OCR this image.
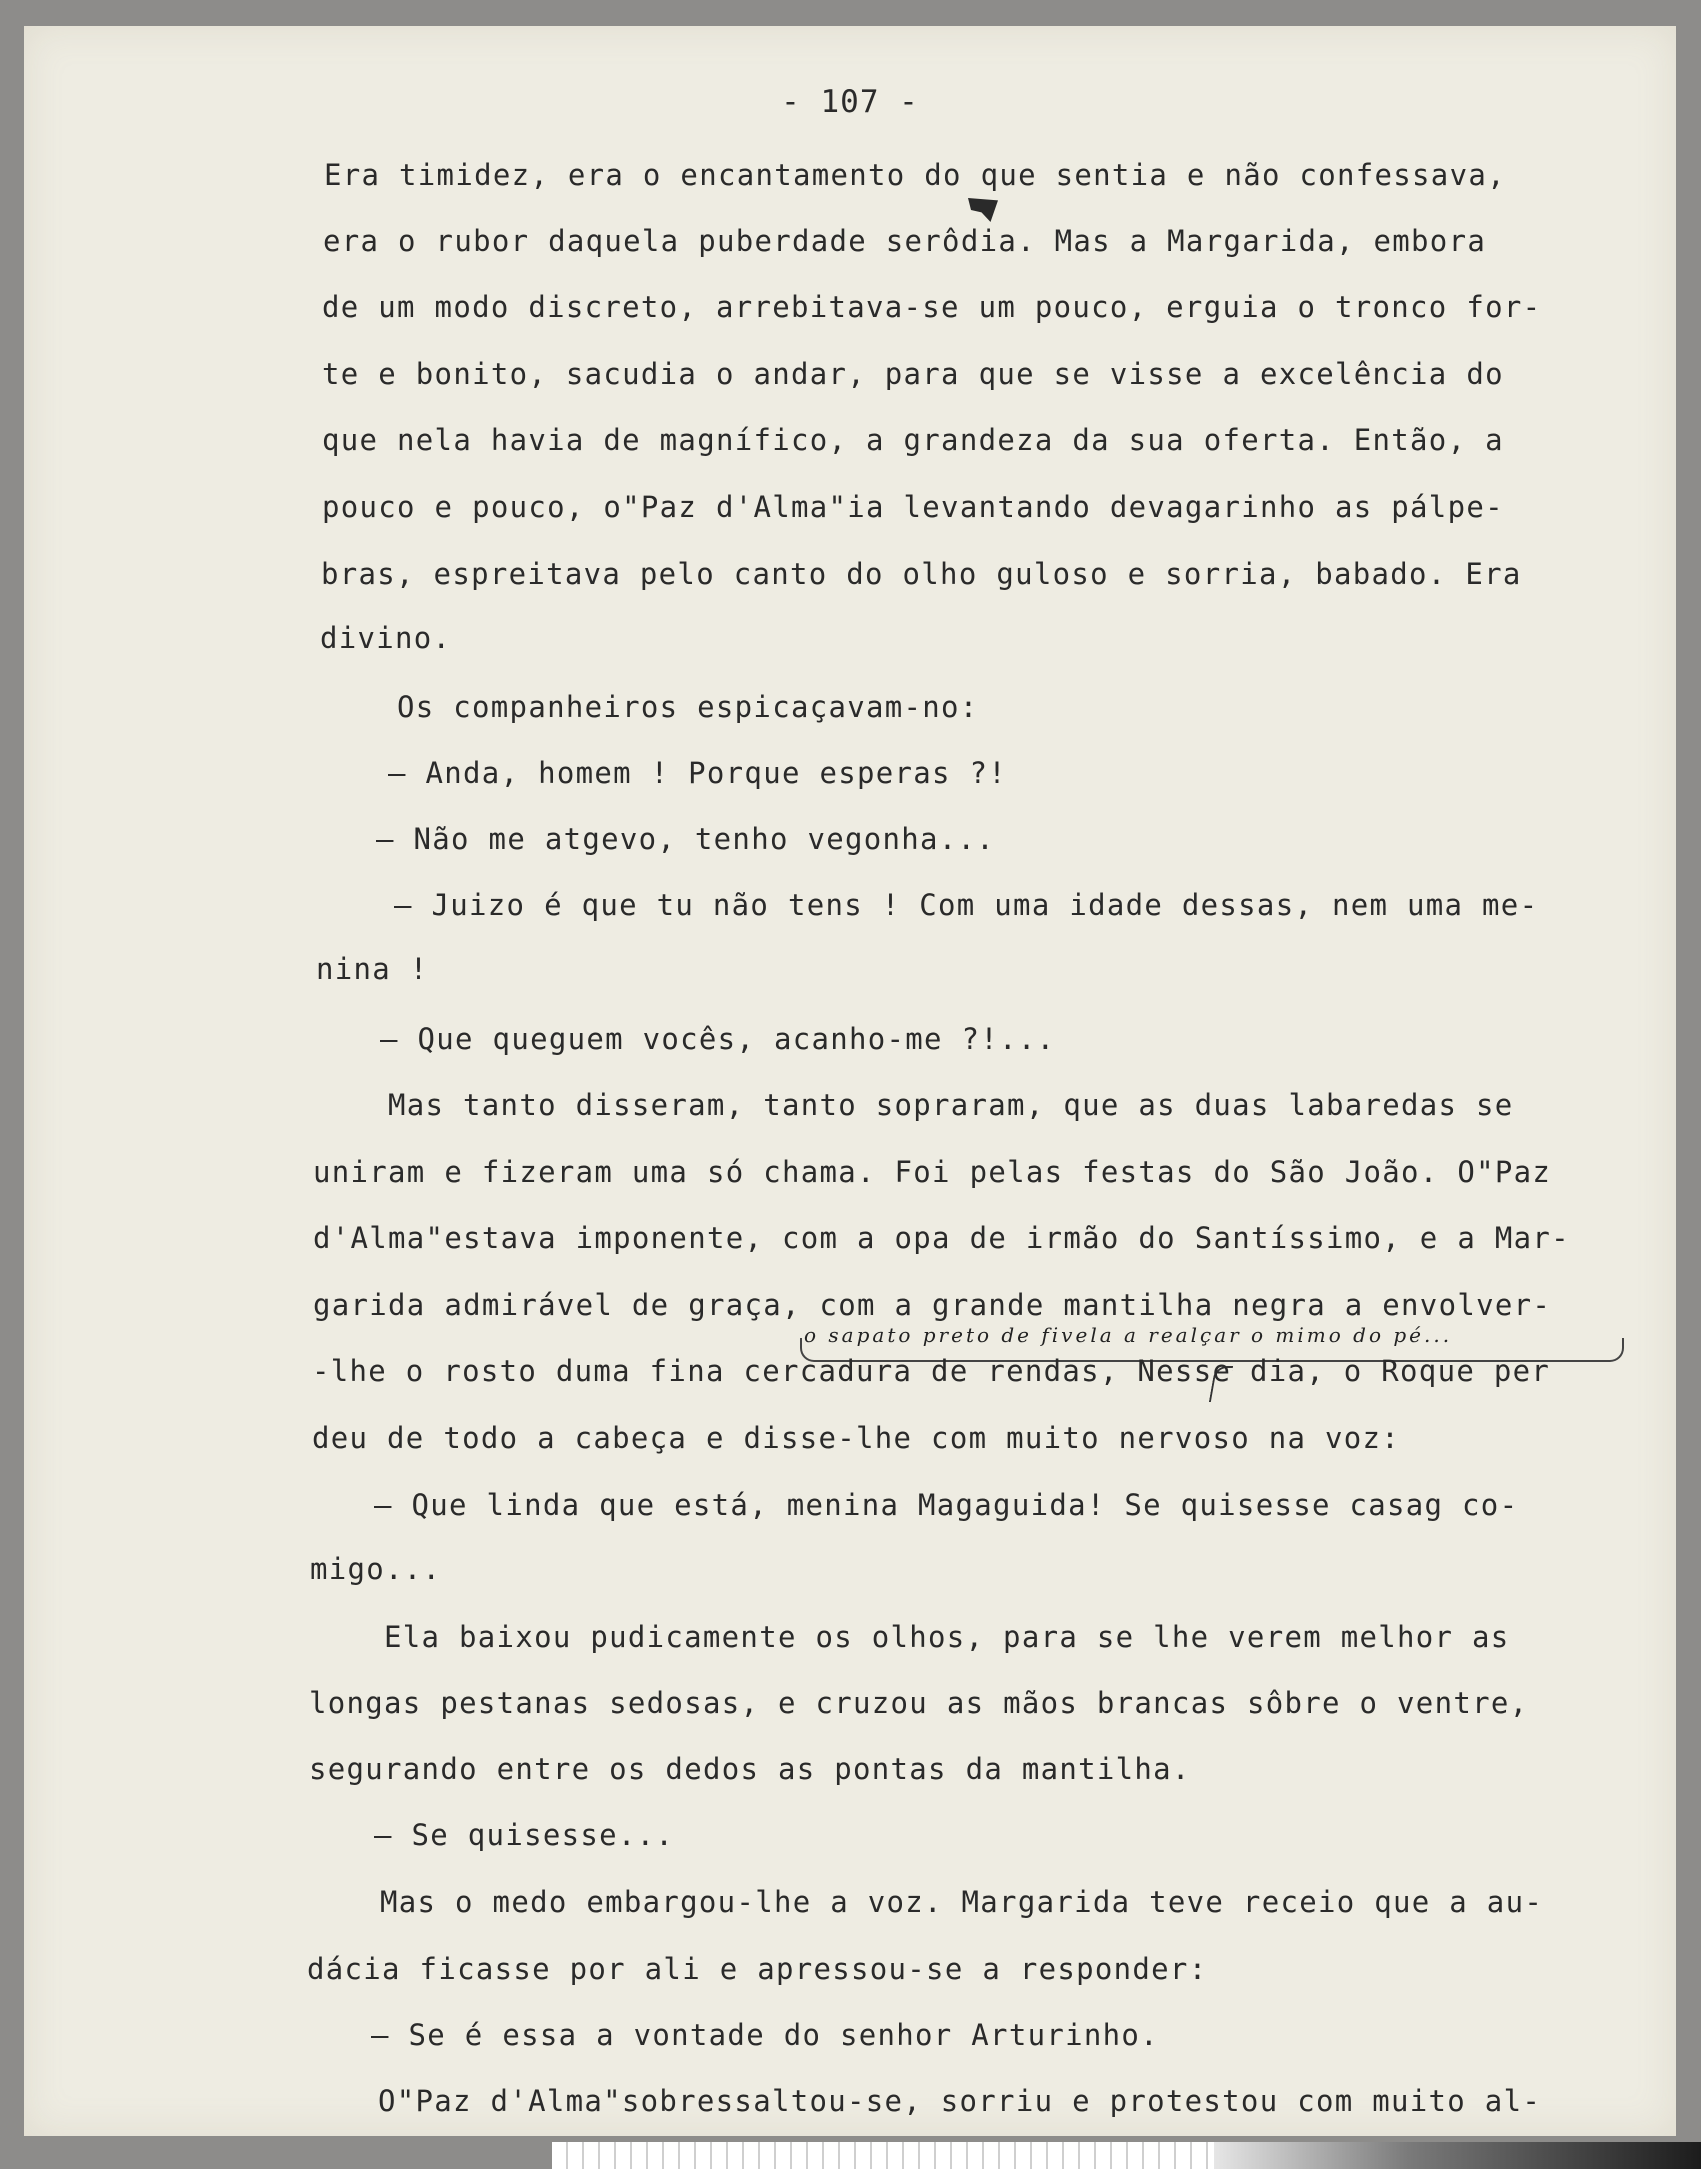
- 107 -

Era timidez, era o encantamento do que sentia e não confessava,

era o rubor daquela puberdade serôdia. Mas a Margarida, embora

de um modo discreto, arrebitava-se um pouco, erguia o tronco for-

te e bonito, sacudia o andar, para que se visse a excelência do

que nela havia de magnífico, a grandeza da sua oferta. Então, a

pouco e pouco, o"Paz d'Alma"ia levantando devagarinho as pálpe-

bras, espreitava pelo canto do olho guloso e sorria, babado. Era

divino.

Os companheiros espicaçavam-no:

— Anda, homem ! Porque esperas ?!

— Não me atgevo, tenho vegonha...

— Juizo é que tu não tens ! Com uma idade dessas, nem uma me-

nina !

— Que queguem vocês, acanho-me ?!...

Mas tanto disseram, tanto sopraram, que as duas labaredas se

uniram e fizeram uma só chama. Foi pelas festas do São João. O"Paz

d'Alma"estava imponente, com a opa de irmão do Santíssimo, e a Mar-

garida admirável de graça, com a grande mantilha negra a envolver-

o sapato preto de fivela a realçar o mimo do pé...

-lhe o rosto duma fina cercadura de rendas, Nesse dia, o Roque per

deu de todo a cabeça e disse-lhe com muito nervoso na voz:

— Que linda que está, menina Magaguida! Se quisesse casag co-

migo...

Ela baixou pudicamente os olhos, para se lhe verem melhor as

longas pestanas sedosas, e cruzou as mãos brancas sôbre o ventre,

segurando entre os dedos as pontas da mantilha.

— Se quisesse...

Mas o medo embargou-lhe a voz. Margarida teve receio que a au-

dácia ficasse por ali e apressou-se a responder:

— Se é essa a vontade do senhor Arturinho.

O"Paz d'Alma"sobressaltou-se, sorriu e protestou com muito al-
